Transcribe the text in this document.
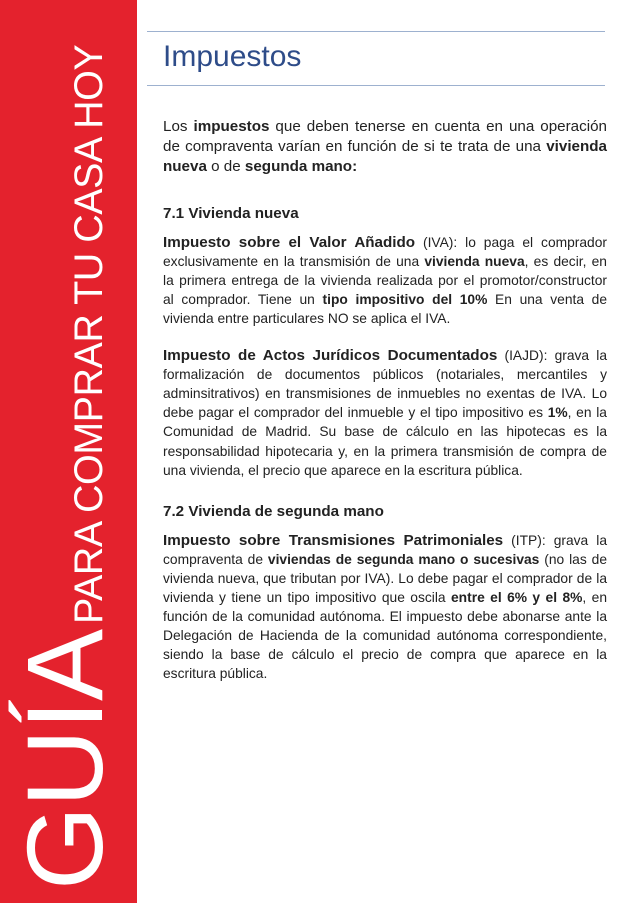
GUÍA
PARA COMPRAR TU CASA HOY Impuestos

Los impuestos que deben tenerse en cuenta en una operación de compraventa varían en función de si te trata de una vivienda nueva o de segunda mano:

7.1 Vivienda nueva

Impuesto sobre el Valor Añadido (IVA): lo paga el comprador exclusivamente en la transmisión de una vivienda nueva, es decir, en la primera entrega de la vivienda realizada por el promotor/constructor al comprador. Tiene un tipo impositivo del 10% En una venta de vivienda entre particulares NO se aplica el IVA.

Impuesto de Actos Jurídicos Documentados (IAJD): grava la formalización de documentos públicos (notariales, mercantiles y adminsitrativos) en transmisiones de inmuebles no exentas de IVA. Lo debe pagar el comprador del inmueble y el tipo impositivo es 1%, en la Comunidad de Madrid. Su base de cálculo en las hipotecas es la responsabilidad hipotecaria y, en la primera transmisión de compra de una vivienda, el precio que aparece en la escritura pública.

7.2 Vivienda de segunda mano

Impuesto sobre Transmisiones Patrimoniales (ITP): grava la compraventa de viviendas de segunda mano o sucesivas (no las de vivienda nueva, que tributan por IVA). Lo debe pagar el comprador de la vivienda y tiene un tipo impositivo que oscila entre el 6% y el 8%, en función de la comunidad autónoma. El impuesto debe abonarse ante la Delegación de Hacienda de la comunidad autónoma correspondiente, siendo la base de cálculo el precio de compra que aparece en la escritura pública.
